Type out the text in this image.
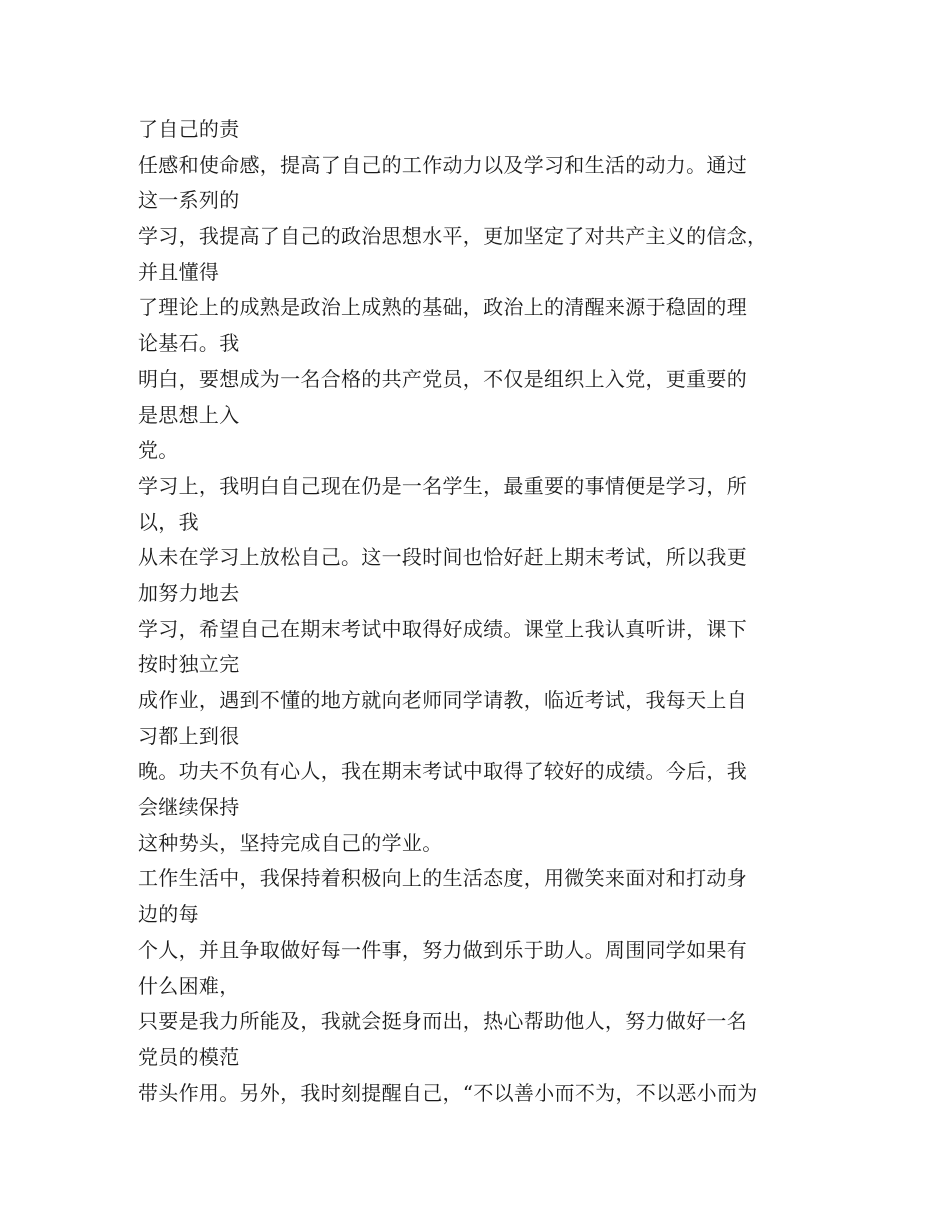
了自己的责
任感和使命感，提高了自己的工作动力以及学习和生活的动力。通过
这一系列的
学习，我提高了自己的政治思想水平，更加坚定了对共产主义的信念，
并且懂得
了理论上的成熟是政治上成熟的基础，政治上的清醒来源于稳固的理
论基石。我
明白，要想成为一名合格的共产党员，不仅是组织上入党，更重要的
是思想上入
党。
学习上，我明白自己现在仍是一名学生，最重要的事情便是学习，所
以，我
从未在学习上放松自己。这一段时间也恰好赶上期末考试，所以我更
加努力地去
学习，希望自己在期末考试中取得好成绩。课堂上我认真听讲，课下
按时独立完
成作业，遇到不懂的地方就向老师同学请教，临近考试，我每天上自
习都上到很
晚。功夫不负有心人，我在期末考试中取得了较好的成绩。今后，我
会继续保持
这种势头，坚持完成自己的学业。
工作生活中，我保持着积极向上的生活态度，用微笑来面对和打动身
边的每
个人，并且争取做好每一件事，努力做到乐于助人。周围同学如果有
什么困难，
只要是我力所能及，我就会挺身而出，热心帮助他人，努力做好一名
党员的模范
带头作用。另外，我时刻提醒自己，“不以善小而不为，不以恶小而为
